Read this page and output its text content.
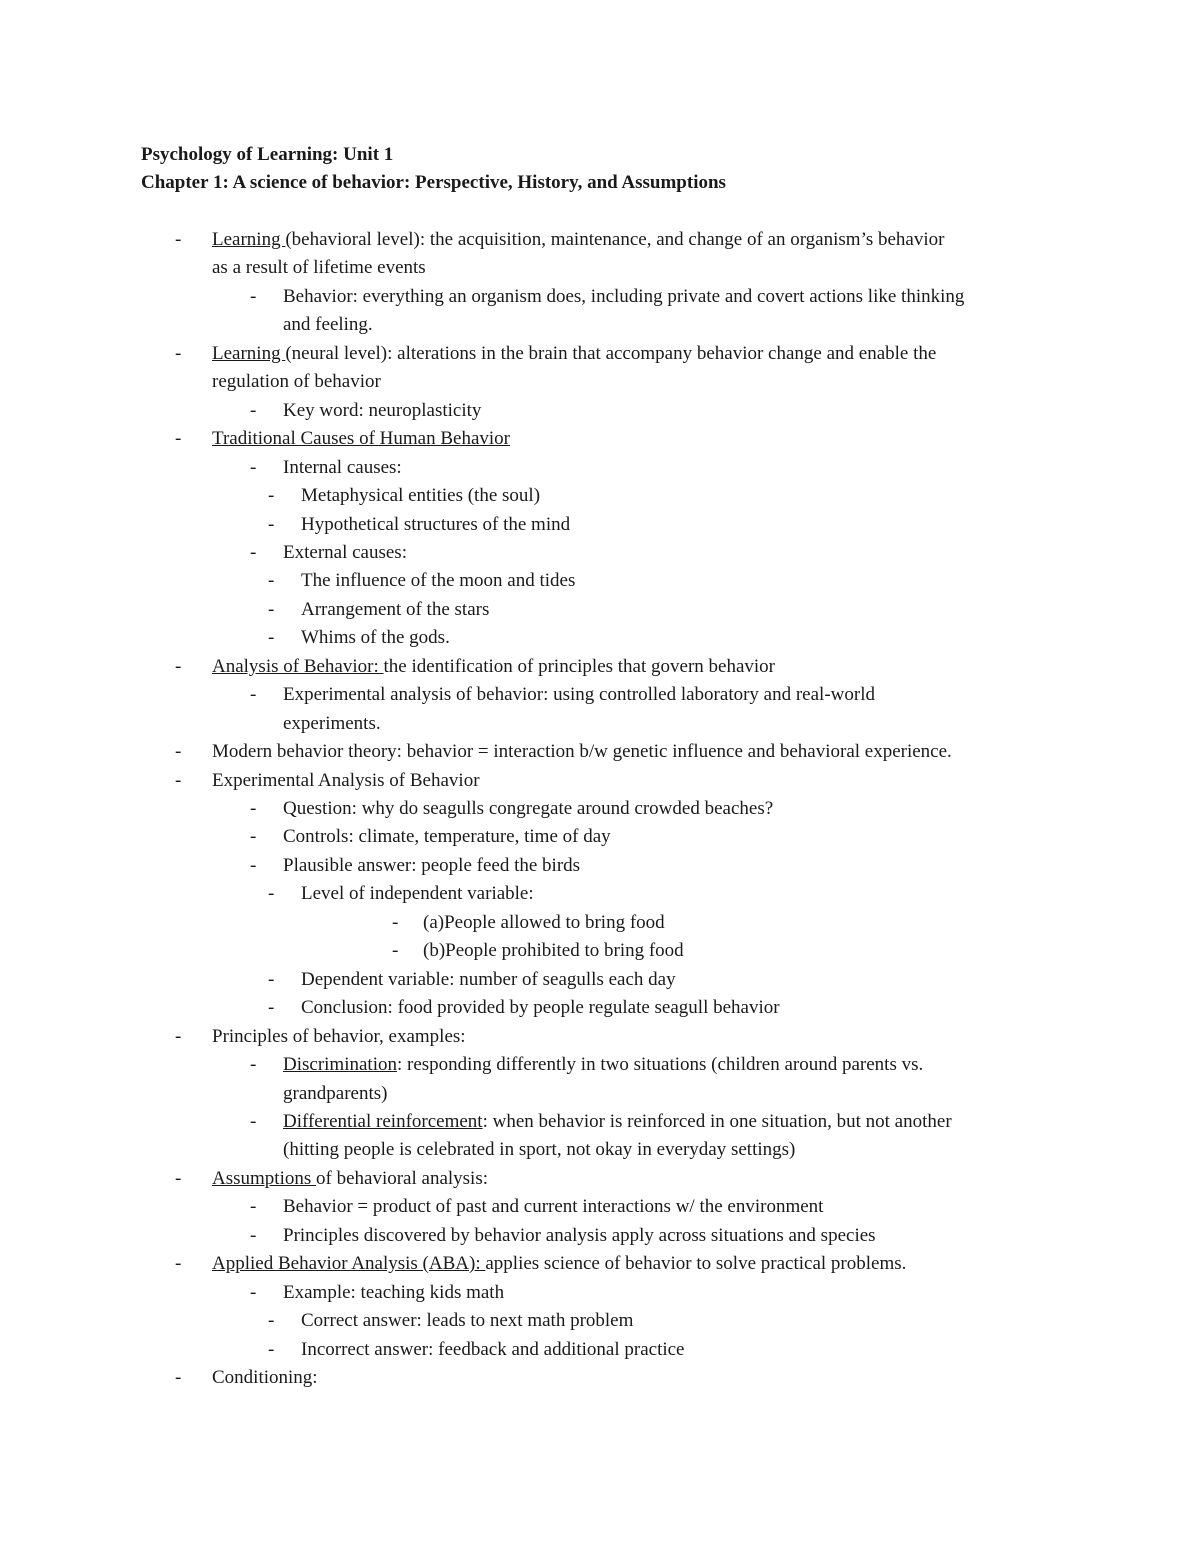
Psychology of Learning: Unit 1
Chapter 1: A science of behavior: Perspective, History, and Assumptions
- Learning (behavioral level): the acquisition, maintenance, and change of an organism’s behavior
as a result of lifetime events
- Behavior: everything an organism does, including private and covert actions like thinking
and feeling.
- Learning (neural level): alterations in the brain that accompany behavior change and enable the
regulation of behavior
- Key word: neuroplasticity
- Traditional Causes of Human Behavior
- Internal causes:
- Metaphysical entities (the soul)
- Hypothetical structures of the mind
- External causes:
- The influence of the moon and tides
- Arrangement of the stars
- Whims of the gods.
- Analysis of Behavior: the identification of principles that govern behavior
- Experimental analysis of behavior: using controlled laboratory and real-world
experiments.
- Modern behavior theory: behavior = interaction b/w genetic influence and behavioral experience.
- Experimental Analysis of Behavior
- Question: why do seagulls congregate around crowded beaches?
- Controls: climate, temperature, time of day
- Plausible answer: people feed the birds
- Level of independent variable:
- (a)People allowed to bring food
- (b)People prohibited to bring food
- Dependent variable: number of seagulls each day
- Conclusion: food provided by people regulate seagull behavior
- Principles of behavior, examples:
- Discrimination: responding differently in two situations (children around parents vs.
grandparents)
- Differential reinforcement: when behavior is reinforced in one situation, but not another
(hitting people is celebrated in sport, not okay in everyday settings)
- Assumptions of behavioral analysis:
- Behavior = product of past and current interactions w/ the environment
- Principles discovered by behavior analysis apply across situations and species
- Applied Behavior Analysis (ABA): applies science of behavior to solve practical problems.
- Example: teaching kids math
- Correct answer: leads to next math problem
- Incorrect answer: feedback and additional practice
- Conditioning:
